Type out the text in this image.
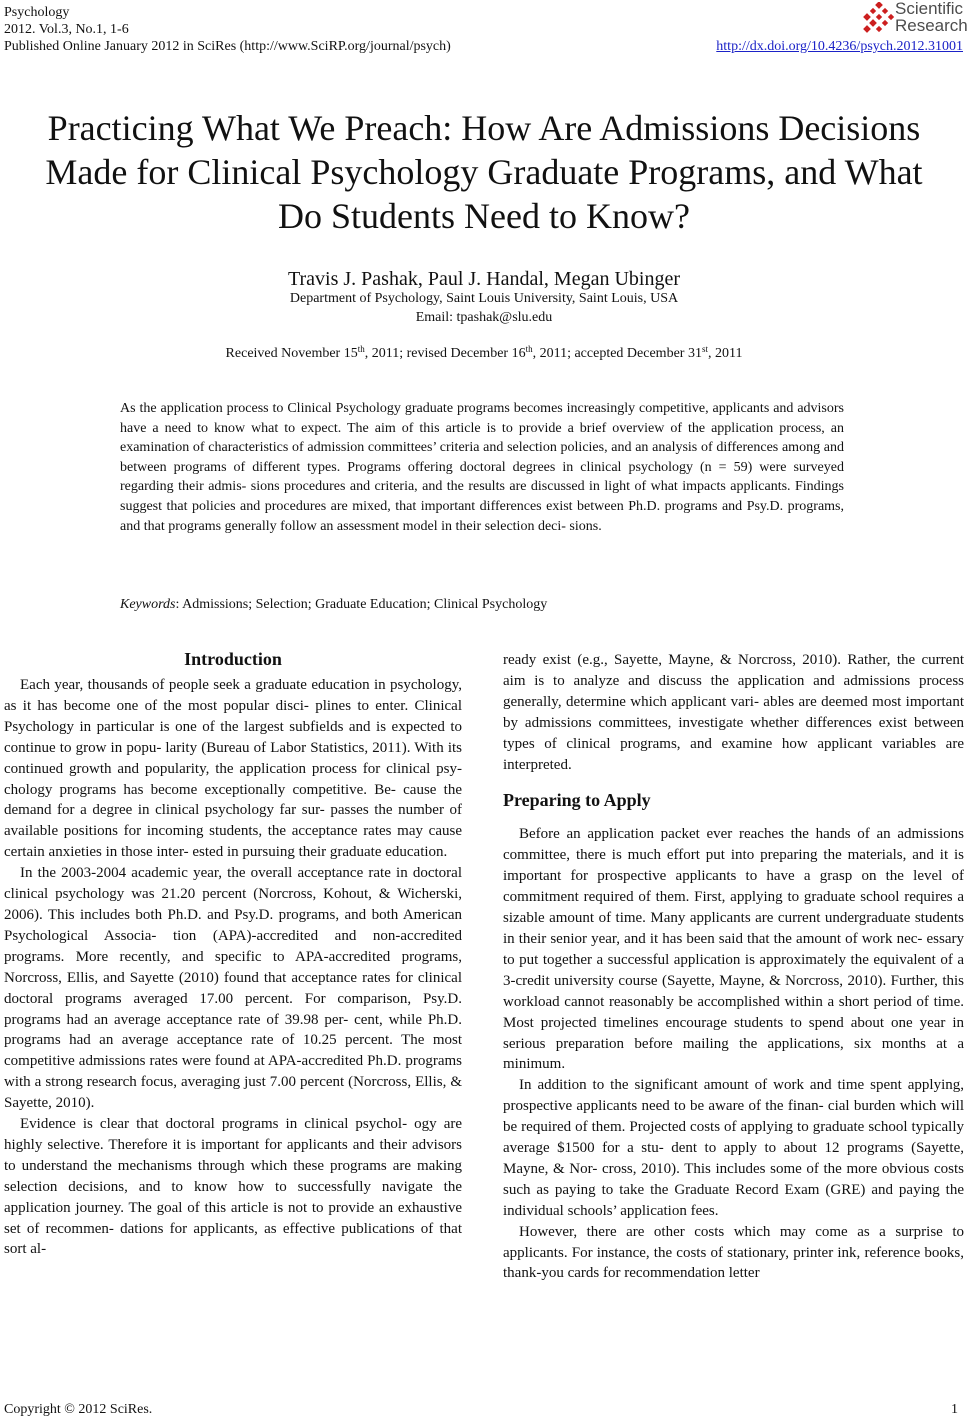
Psychology
2012. Vol.3, No.1, 1-6
Published Online January 2012 in SciRes (http://www.SciRP.org/journal/psych)
Scientific
Research
http://dx.doi.org/10.4236/psych.2012.31001
Practicing What We Preach: How Are Admissions Decisions
Made for Clinical Psychology Graduate Programs, and What
Do Students Need to Know?
Travis J. Pashak, Paul J. Handal, Megan Ubinger
Department of Psychology, Saint Louis University, Saint Louis, USA
Email: tpashak@slu.edu
Received November 15th, 2011; revised December 16th, 2011; accepted December 31st, 2011

As the application process to Clinical Psychology graduate programs becomes increasingly competitive, applicants and advisors have a need to know what to expect. The aim of this article is to provide a brief overview of the application process, an examination of characteristics of admission committees’ criteria and selection policies, and an analysis of differences among and between programs of different types. Programs offering doctoral degrees in clinical psychology (n = 59) were surveyed regarding their admis- sions procedures and criteria, and the results are discussed in light of what impacts applicants. Findings suggest that policies and procedures are mixed, that important differences exist between Ph.D. programs and Psy.D. programs, and that programs generally follow an assessment model in their selection deci- sions.

Keywords: Admissions; Selection; Graduate Education; Clinical Psychology
Introduction

Each year, thousands of people seek a graduate education in psychology, as it has become one of the most popular disci- plines to enter. Clinical Psychology in particular is one of the largest subfields and is expected to continue to grow in popu- larity (Bureau of Labor Statistics, 2011). With its continued growth and popularity, the application process for clinical psy- chology programs has become exceptionally competitive. Be- cause the demand for a degree in clinical psychology far sur- passes the number of available positions for incoming students, the acceptance rates may cause certain anxieties in those inter- ested in pursuing their graduate education.

In the 2003-2004 academic year, the overall acceptance rate in doctoral clinical psychology was 21.20 percent (Norcross, Kohout, & Wicherski, 2006). This includes both Ph.D. and Psy.D. programs, and both American Psychological Associa- tion (APA)-accredited and non-accredited programs. More recently, and specific to APA-accredited programs, Norcross, Ellis, and Sayette (2010) found that acceptance rates for clinical doctoral programs averaged 17.00 percent. For comparison, Psy.D. programs had an average acceptance rate of 39.98 per- cent, while Ph.D. programs had an average acceptance rate of 10.25 percent. The most competitive admissions rates were found at APA-accredited Ph.D. programs with a strong research focus, averaging just 7.00 percent (Norcross, Ellis, & Sayette, 2010).

Evidence is clear that doctoral programs in clinical psychol- ogy are highly selective. Therefore it is important for applicants and their advisors to understand the mechanisms through which these programs are making selection decisions, and to know how to successfully navigate the application journey. The goal of this article is not to provide an exhaustive set of recommen- dations for applicants, as effective publications of that sort al-

ready exist (e.g., Sayette, Mayne, & Norcross, 2010). Rather, the current aim is to analyze and discuss the application and admissions process generally, determine which applicant vari- ables are deemed most important by admissions committees, investigate whether differences exist between types of clinical programs, and examine how applicant variables are interpreted.

Preparing to Apply

Before an application packet ever reaches the hands of an admissions committee, there is much effort put into preparing the materials, and it is important for prospective applicants to have a grasp on the level of commitment required of them. First, applying to graduate school requires a sizable amount of time. Many applicants are current undergraduate students in their senior year, and it has been said that the amount of work nec- essary to put together a successful application is approximately the equivalent of a 3-credit university course (Sayette, Mayne, & Norcross, 2010). Further, this workload cannot reasonably be accomplished within a short period of time. Most projected timelines encourage students to spend about one year in serious preparation before mailing the applications, six months at a minimum.

In addition to the significant amount of work and time spent applying, prospective applicants need to be aware of the finan- cial burden which will be required of them. Projected costs of applying to graduate school typically average $1500 for a stu- dent to apply to about 12 programs (Sayette, Mayne, & Nor- cross, 2010). This includes some of the more obvious costs such as paying to take the Graduate Record Exam (GRE) and paying the individual schools’ application fees.

However, there are other costs which may come as a surprise to applicants. For instance, the costs of stationary, printer ink, reference books, thank-you cards for recommendation letter

Copyright © 2012 SciRes.	1
